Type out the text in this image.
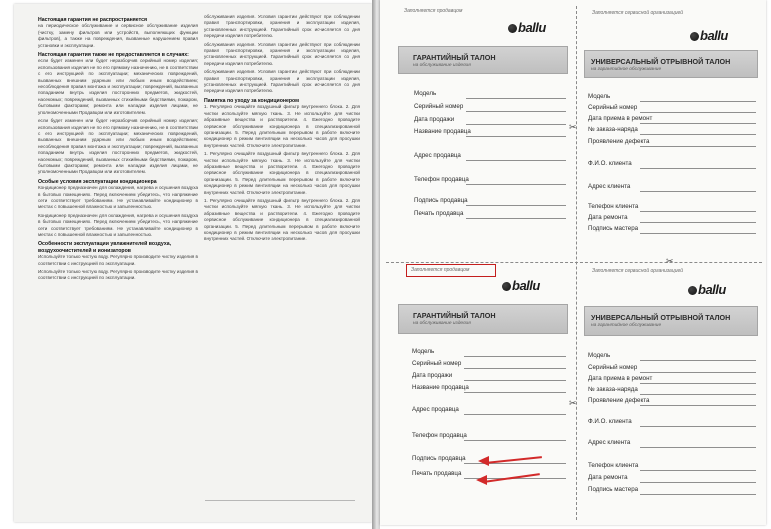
Настоящая гарантия не распространяется

на периодическое обслуживание и сервисное обслуживание изделия (чистку, замену фильтров или устройств, выполняющих функции фильтров), а также на повреждения, вызванные нарушением правил установки и эксплуатации.

Настоящая гарантия также не предоставляется в случаях:

если будет изменен или будет неразборчив серийный номер изделия; использования изделия не по его прямому назначению, не в соответствии с его инструкцией по эксплуатации; механических повреждений, вызванных внешним ударным или любым иным воздействием; несоблюдения правил монтажа и эксплуатации; повреждений, вызванных попаданием внутрь изделия посторонних предметов, жидкостей, насекомых; повреждений, вызванных стихийными бедствиями, пожаром, бытовыми факторами; ремонта или наладки изделия лицами, не уполномоченными Продавцом или изготовителем.

если будет изменен или будет неразборчив серийный номер изделия; использования изделия не по его прямому назначению, не в соответствии с его инструкцией по эксплуатации; механических повреждений, вызванных внешним ударным или любым иным воздействием; несоблюдения правил монтажа и эксплуатации; повреждений, вызванных попаданием внутрь изделия посторонних предметов, жидкостей, насекомых; повреждений, вызванных стихийными бедствиями, пожаром, бытовыми факторами; ремонта или наладки изделия лицами, не уполномоченными Продавцом или изготовителем.

Особые условия эксплуатации кондиционера

Кондиционер предназначен для охлаждения, нагрева и осушения воздуха в бытовых помещениях. Перед включением убедитесь, что напряжение сети соответствует требованиям. Не устанавливайте кондиционер в местах с повышенной влажностью и запыленностью.

Кондиционер предназначен для охлаждения, нагрева и осушения воздуха в бытовых помещениях. Перед включением убедитесь, что напряжение сети соответствует требованиям. Не устанавливайте кондиционер в местах с повышенной влажностью и запыленностью.

Особенности эксплуатации увлажнителей воздуха, воздухоочистителей и ионизаторов

Используйте только чистую воду. Регулярно производите чистку изделия в соответствии с инструкцией по эксплуатации.

Используйте только чистую воду. Регулярно производите чистку изделия в соответствии с инструкцией по эксплуатации.

обслуживания изделия. Условия гарантии действуют при соблюдении правил транспортировки, хранения и эксплуатации изделия, установленных инструкцией. Гарантийный срок исчисляется со дня передачи изделия потребителю.

обслуживания изделия. Условия гарантии действуют при соблюдении правил транспортировки, хранения и эксплуатации изделия, установленных инструкцией. Гарантийный срок исчисляется со дня передачи изделия потребителю.

обслуживания изделия. Условия гарантии действуют при соблюдении правил транспортировки, хранения и эксплуатации изделия, установленных инструкцией. Гарантийный срок исчисляется со дня передачи изделия потребителю.

Памятка по уходу за кондиционером

1. Регулярно очищайте воздушный фильтр внутреннего блока. 2. Для чистки используйте мягкую ткань. 3. Не используйте для чистки абразивные вещества и растворители. 4. Ежегодно проводите сервисное обслуживание кондиционера в специализированной организации. 5. Перед длительным перерывом в работе включите кондиционер в режим вентиляции на несколько часов для просушки внутренних частей. Отключите электропитание.

1. Регулярно очищайте воздушный фильтр внутреннего блока. 2. Для чистки используйте мягкую ткань. 3. Не используйте для чистки абразивные вещества и растворители. 4. Ежегодно проводите сервисное обслуживание кондиционера в специализированной организации. 5. Перед длительным перерывом в работе включите кондиционер в режим вентиляции на несколько часов для просушки внутренних частей. Отключите электропитание.

1. Регулярно очищайте воздушный фильтр внутреннего блока. 2. Для чистки используйте мягкую ткань. 3. Не используйте для чистки абразивные вещества и растворители. 4. Ежегодно проводите сервисное обслуживание кондиционера в специализированной организации. 5. Перед длительным перерывом в работе включите кондиционер в режим вентиляции на несколько часов для просушки внутренних частей. Отключите электропитание.

✂
✂
✂
Заполняется продавцом
ballu
ГАРАНТИЙНЫЙ ТАЛОН
на обслуживание изделия
Модель
Серийный номер
Дата продажи
Название продавца
Адрес продавца
Телефон продавца
Подпись продавца
Печать продавца
Заполняется сервисной организацией
ballu
УНИВЕРСАЛЬНЫЙ ОТРЫВНОЙ ТАЛОН
на гарантийное обслуживание
Модель
Серийный номер
Дата приема в ремонт
№ заказа-наряда
Проявление дефекта
Ф.И.О. клиента
Адрес клиента
Телефон клиента
Дата ремонта
Подпись мастера
Заполняется продавцом
ballu
ГАРАНТИЙНЫЙ ТАЛОН
на обслуживание изделия
Модель
Серийный номер
Дата продажи
Название продавца
Адрес продавца
Телефон продавца
Подпись продавца
Печать продавца
Заполняется сервисной организацией
ballu
УНИВЕРСАЛЬНЫЙ ОТРЫВНОЙ ТАЛОН
на гарантийное обслуживание
Модель
Серийный номер
Дата приема в ремонт
№ заказа-наряда
Проявление дефекта
Ф.И.О. клиента
Адрес клиента
Телефон клиента
Дата ремонта
Подпись мастера
